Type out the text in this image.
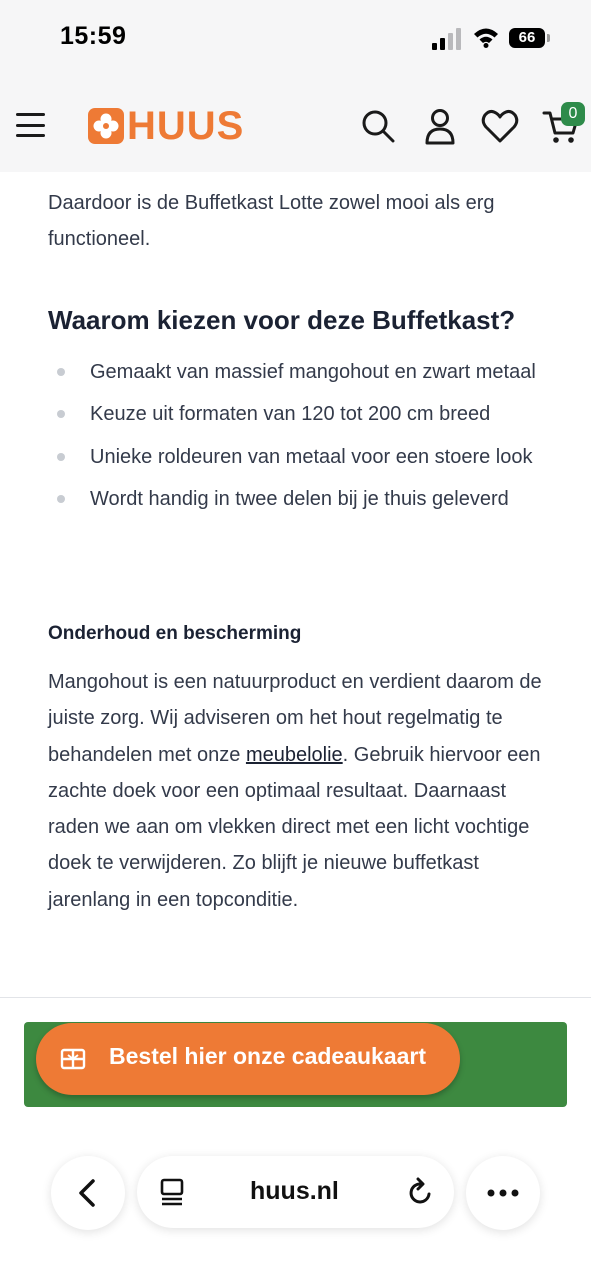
15:59	66
HUUS	0

Daardoor is de Buffetkast Lotte zowel mooi als erg functioneel.

Waarom kiezen voor deze Buffetkast?
Gemaakt van massief mangohout en zwart metaal
Keuze uit formaten van 120 tot 200 cm breed
Unieke roldeuren van metaal voor een stoere look
Wordt handig in twee delen bij je thuis geleverd
Onderhoud en bescherming

Mangohout is een natuurproduct en verdient daarom de juiste zorg. Wij adviseren om het hout regelmatig te behandelen met onze meubelolie. Gebruik hiervoor een zachte doek voor een optimaal resultaat. Daarnaast raden we aan om vlekken direct met een licht vochtige doek te verwijderen. Zo blijft je nieuwe buffetkast jarenlang in een topconditie.

Bestel hier onze cadeaukaart
huus.nl
